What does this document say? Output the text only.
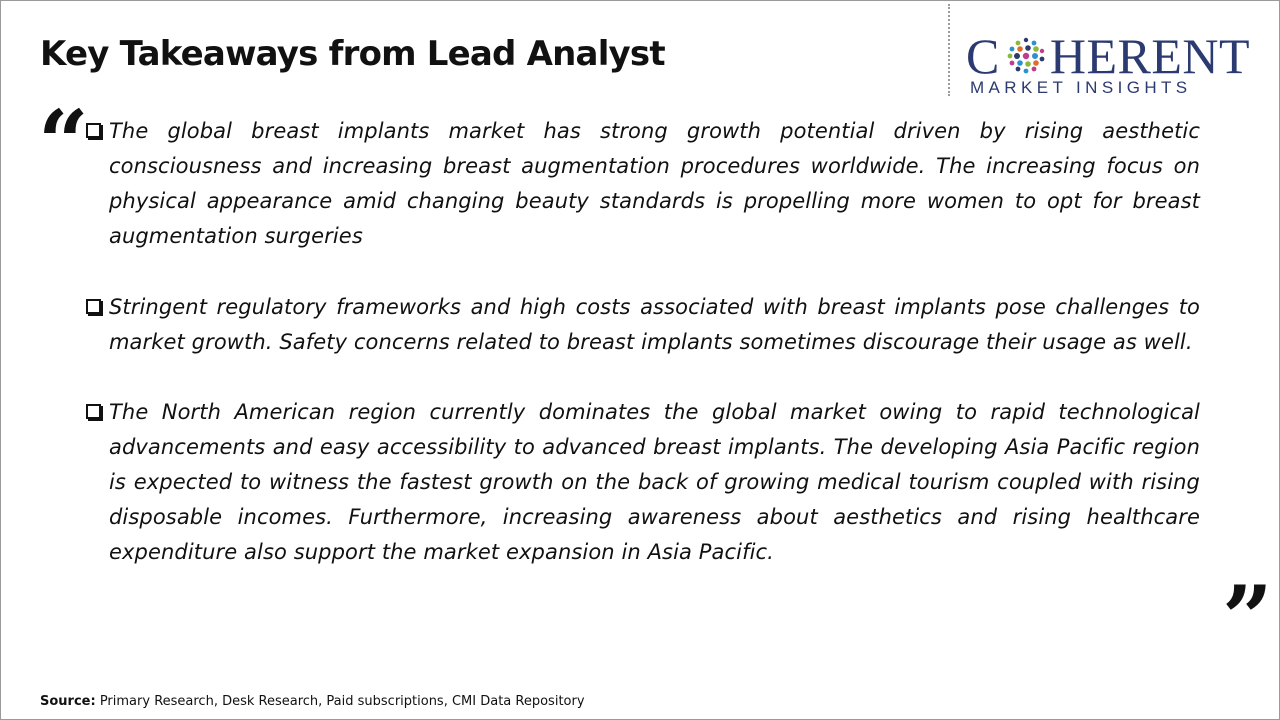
Key Takeaways from Lead Analyst	C HERENT
MARKET INSIGHTS
“ The global breast implants market has strong growth potential driven by rising aesthetic consciousness and increasing breast augmentation procedures worldwide. The increasing focus on physical appearance amid changing beauty standards is propelling more women to opt for breast augmentation surgeries
Stringent regulatory frameworks and high costs associated with breast implants pose challenges to market growth. Safety concerns related to breast implants sometimes discourage their usage as well.
The North American region currently dominates the global market owing to rapid technological advancements and easy accessibility to advanced breast implants. The developing Asia Pacific region is expected to witness the fastest growth on the back of growing medical tourism coupled with rising disposable incomes. Furthermore, increasing awareness about aesthetics and rising healthcare expenditure also support the market expansion in Asia Pacific.
”
Source: Primary Research, Desk Research, Paid subscriptions, CMI Data Repository
